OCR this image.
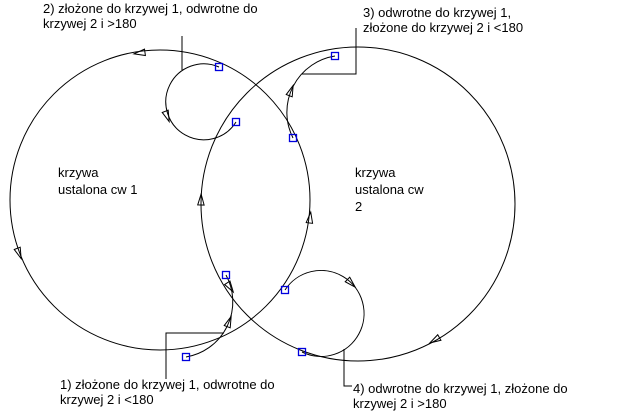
2) złożone do krzywej 1, odwrotne do
krzywej 2 i >180
3) odwrotne do krzywej 1,
złożone do krzywej 2 i <180
1) złożone do krzywej 1, odwrotne do
krzywej 2 i <180
4) odwrotne do krzywej 1, złożone do
krzywej 2 i >180
krzywa
ustalona cw 1
krzywa
ustalona cw
2
